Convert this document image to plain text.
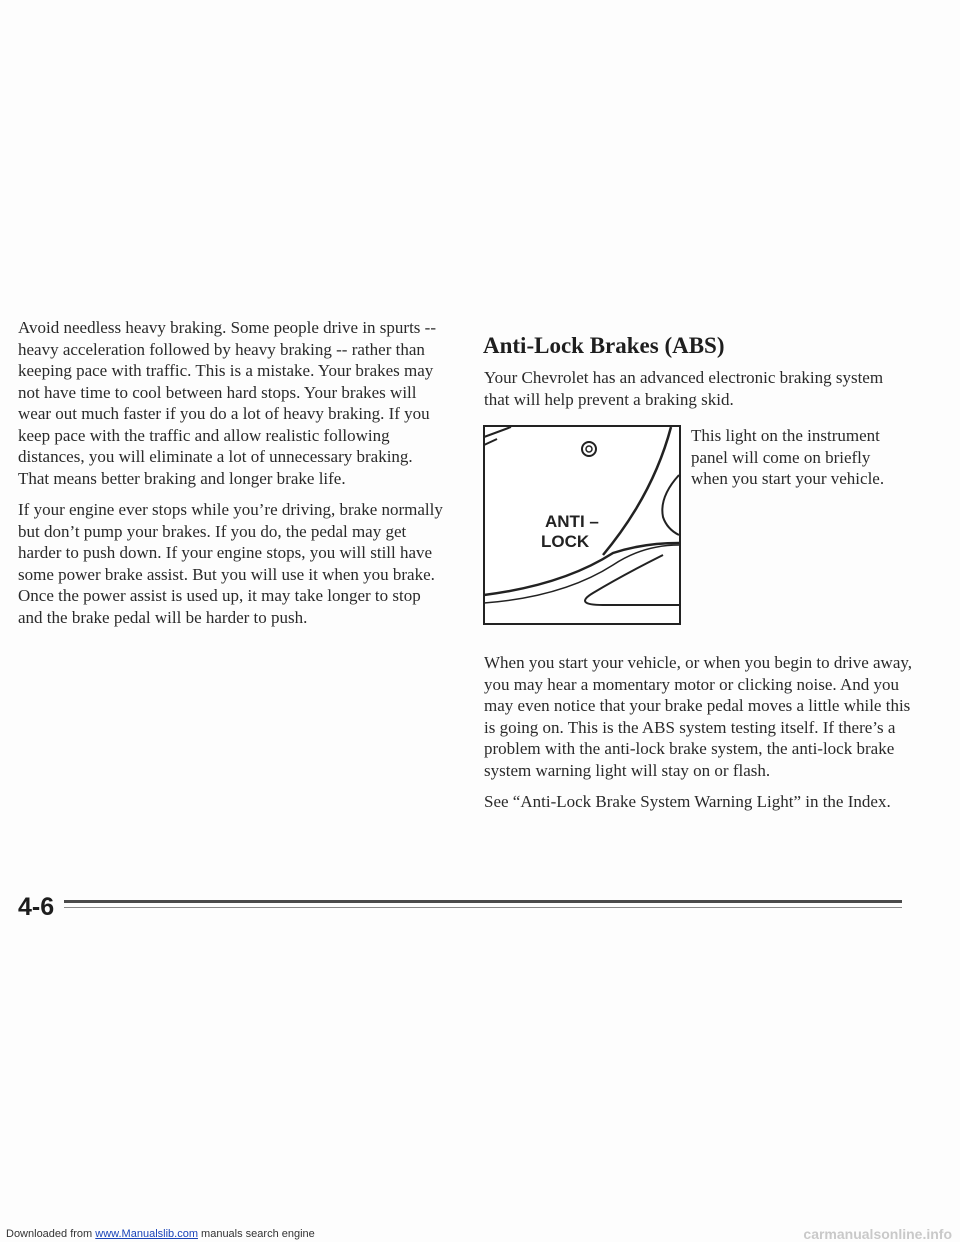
Avoid needless heavy braking. Some people drive in spurts -- heavy acceleration followed by heavy braking -- rather than keeping pace with traffic. This is a mistake. Your brakes may not have time to cool between hard stops. Your brakes will wear out much faster if you do a lot of heavy braking. If you keep pace with the traffic and allow realistic following distances, you will eliminate a lot of unnecessary braking. That means better braking and longer brake life.

If your engine ever stops while you’re driving, brake normally but don’t pump your brakes. If you do, the pedal may get harder to push down. If your engine stops, you will still have some power brake assist. But you will use it when you brake. Once the power assist is used up, it may take longer to stop and the brake pedal will be harder to push.

Anti-Lock Brakes (ABS)

Your Chevrolet has an advanced electronic braking system that will help prevent a braking skid.

ANTI –
LOCK

This light on the instrument panel will come on briefly when you start your vehicle.

When you start your vehicle, or when you begin to drive away, you may hear a momentary motor or clicking noise. And you may even notice that your brake pedal moves a little while this is going on. This is the ABS system testing itself. If there’s a problem with the anti-lock brake system, the anti-lock brake system warning light will stay on or flash.

See “Anti-Lock Brake System Warning Light” in the Index.

4-6

Downloaded from www.Manualslib.com manuals search engine	carmanualsonline.info
